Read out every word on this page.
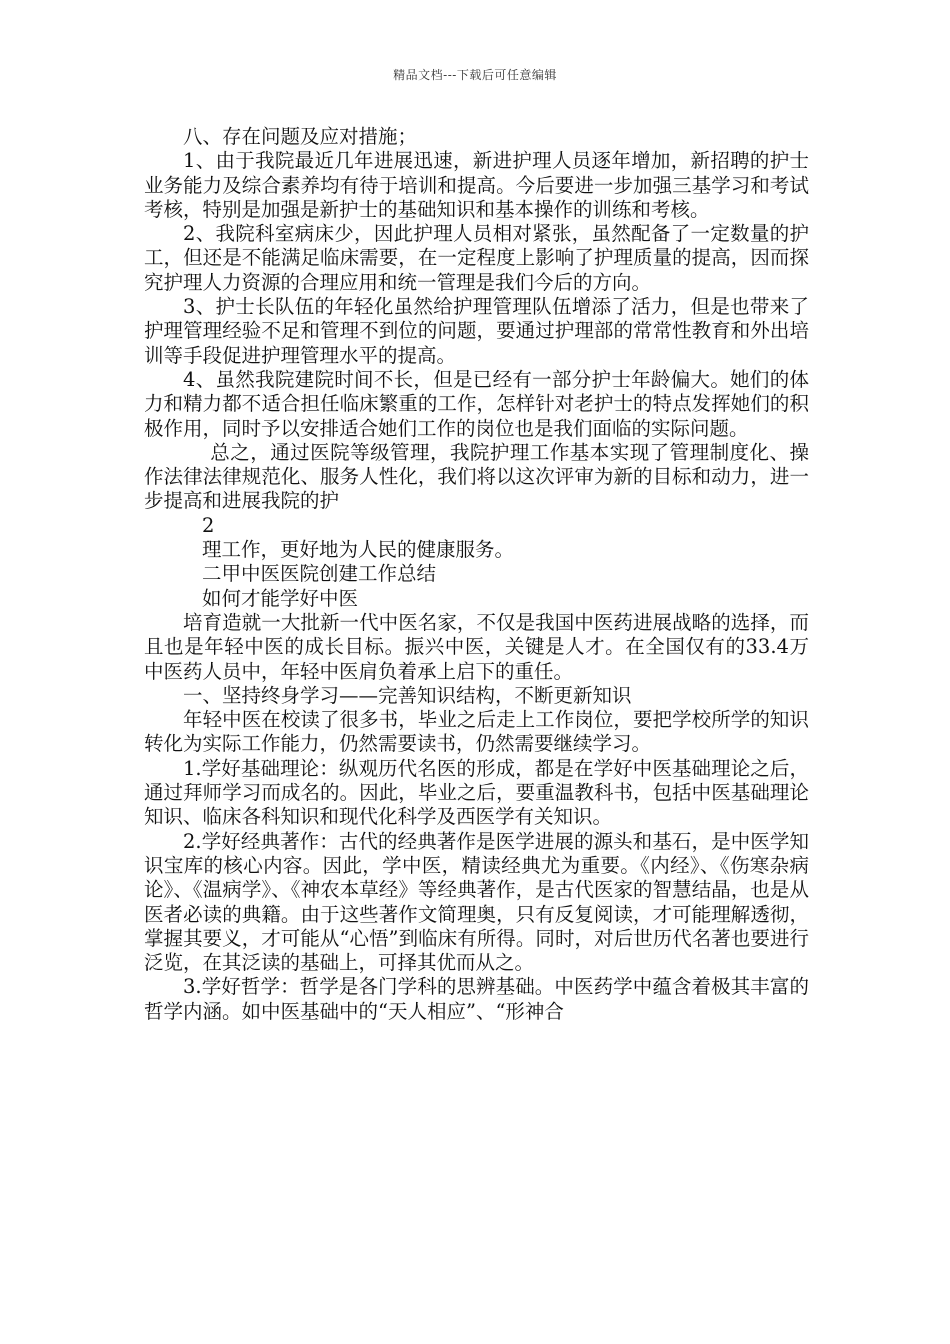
精品文档---下载后可任意编辑

八、存在问题及应对措施；

1、由于我院最近几年进展迅速，新进护理人员逐年增加，新招聘的护士业务能力及综合素养均有待于培训和提高。今后要进一步加强三基学习和考试考核，特别是加强是新护士的基础知识和基本操作的训练和考核。

2、我院科室病床少，因此护理人员相对紧张，虽然配备了一定数量的护工，但还是不能满足临床需要，在一定程度上影响了护理质量的提高，因而探究护理人力资源的合理应用和统一管理是我们今后的方向。

3、护士长队伍的年轻化虽然给护理管理队伍增添了活力，但是也带来了护理管理经验不足和管理不到位的问题，要通过护理部的常常性教育和外出培训等手段促进护理管理水平的提高。

4、虽然我院建院时间不长，但是已经有一部分护士年龄偏大。她们的体力和精力都不适合担任临床繁重的工作，怎样针对老护士的特点发挥她们的积极作用，同时予以安排适合她们工作的岗位也是我们面临的实际问题。

总之，通过医院等级管理，我院护理工作基本实现了管理制度化、操作法律法律规范化、服务人性化，我们将以这次评审为新的目标和动力，进一步提高和进展我院的护

2

理工作，更好地为人民的健康服务。

二甲中医医院创建工作总结

如何才能学好中医

培育造就一大批新一代中医名家，不仅是我国中医药进展战略的选择，而且也是年轻中医的成长目标。振兴中医，关键是人才。在全国仅有的33.4万中医药人员中，年轻中医肩负着承上启下的重任。

一、坚持终身学习——完善知识结构，不断更新知识

年轻中医在校读了很多书，毕业之后走上工作岗位，要把学校所学的知识转化为实际工作能力，仍然需要读书，仍然需要继续学习。

1.学好基础理论：纵观历代名医的形成，都是在学好中医基础理论之后，通过拜师学习而成名的。因此，毕业之后，要重温教科书，包括中医基础理论知识、临床各科知识和现代化科学及西医学有关知识。

2.学好经典著作：古代的经典著作是医学进展的源头和基石，是中医学知识宝库的核心内容。因此，学中医，精读经典尤为重要。《内经》、《伤寒杂病论》、《温病学》、《神农本草经》等经典著作，是古代医家的智慧结晶，也是从医者必读的典籍。由于这些著作文简理奥，只有反复阅读，才可能理解透彻，掌握其要义，才可能从“心悟”到临床有所得。同时，对后世历代名著也要进行泛览，在其泛读的基础上，可择其优而从之。

3.学好哲学：哲学是各门学科的思辨基础。中医药学中蕴含着极其丰富的哲学内涵。如中医基础中的“天人相应”、“形神合
